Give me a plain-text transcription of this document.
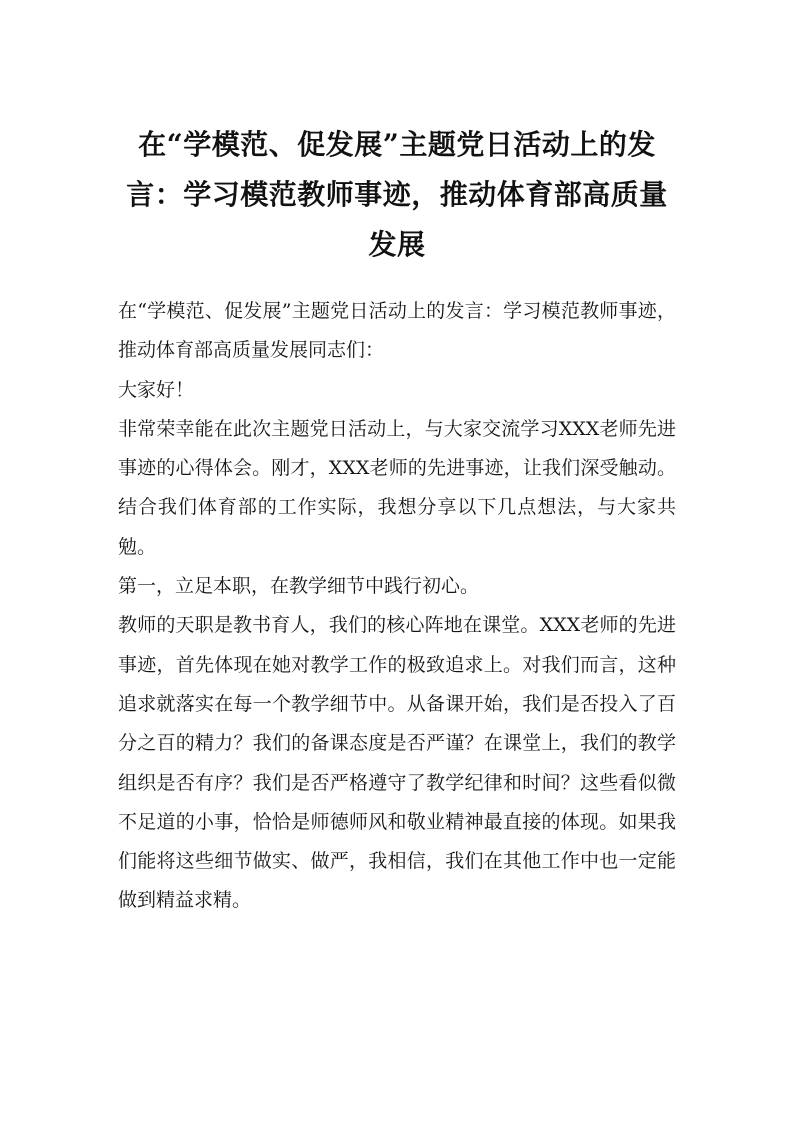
在“学模范、促发展”主题党日活动上的发言：学习模范教师事迹，推动体育部高质量发展

在“学模范、促发展”主题党日活动上的发言：学习模范教师事迹，推动体育部高质量发展同志们：

大家好！

非常荣幸能在此次主题党日活动上，与大家交流学习XXX老师先进事迹的心得体会。刚才，XXX老师的先进事迹，让我们深受触动。结合我们体育部的工作实际，我想分享以下几点想法，与大家共勉。

第一，立足本职，在教学细节中践行初心。

教师的天职是教书育人，我们的核心阵地在课堂。XXX老师的先进事迹，首先体现在她对教学工作的极致追求上。对我们而言，这种追求就落实在每一个教学细节中。从备课开始，我们是否投入了百分之百的精力？我们的备课态度是否严谨？在课堂上，我们的教学组织是否有序？我们是否严格遵守了教学纪律和时间？这些看似微不足道的小事，恰恰是师德师风和敬业精神最直接的体现。如果我们能将这些细节做实、做严，我相信，我们在其他工作中也一定能做到精益求精。
